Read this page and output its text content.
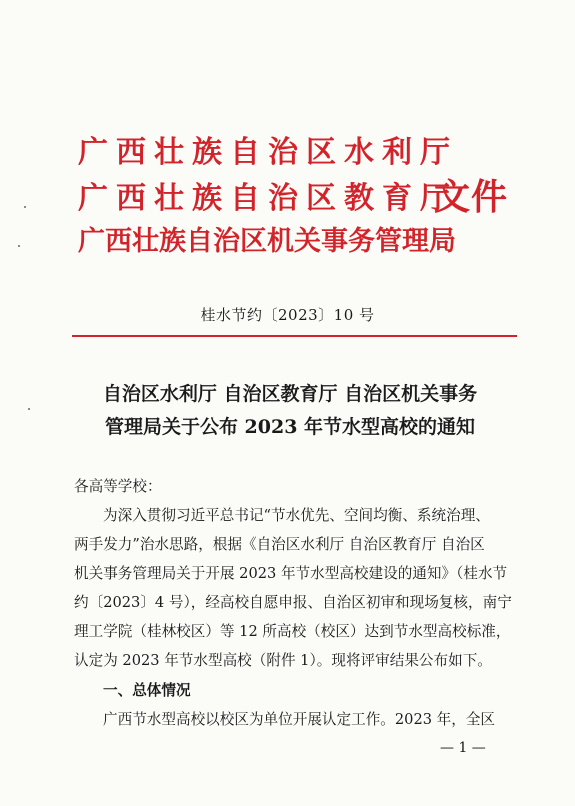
广西壮族自治区水利厅
广西壮族自治区教育厅
文件
广西壮族自治区机关事务管理局
桂水节约〔2023〕10 号
自治区水利厅 自治区教育厅 自治区机关事务
管理局关于公布 2023 年节水型高校的通知
各高等学校：
为深入贯彻习近平总书记“节水优先、空间均衡、系统治理、
两手发力”治水思路，根据《自治区水利厅 自治区教育厅 自治区
机关事务管理局关于开展 2023 年节水型高校建设的通知》（桂水节
约〔2023〕4 号），经高校自愿申报、自治区初审和现场复核，南宁
理工学院（桂林校区）等 12 所高校（校区）达到节水型高校标准，
认定为 2023 年节水型高校（附件 1）。现将评审结果公布如下。
一、总体情况
广西节水型高校以校区为单位开展认定工作。2023 年，全区
— 1 —
